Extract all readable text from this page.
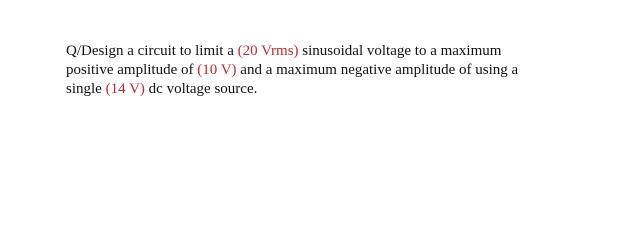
Q/Design a circuit to limit a (20 Vrms) sinusoidal voltage to a maximum
positive amplitude of (10 V) and a maximum negative amplitude of using a
single (14 V) dc voltage source.
